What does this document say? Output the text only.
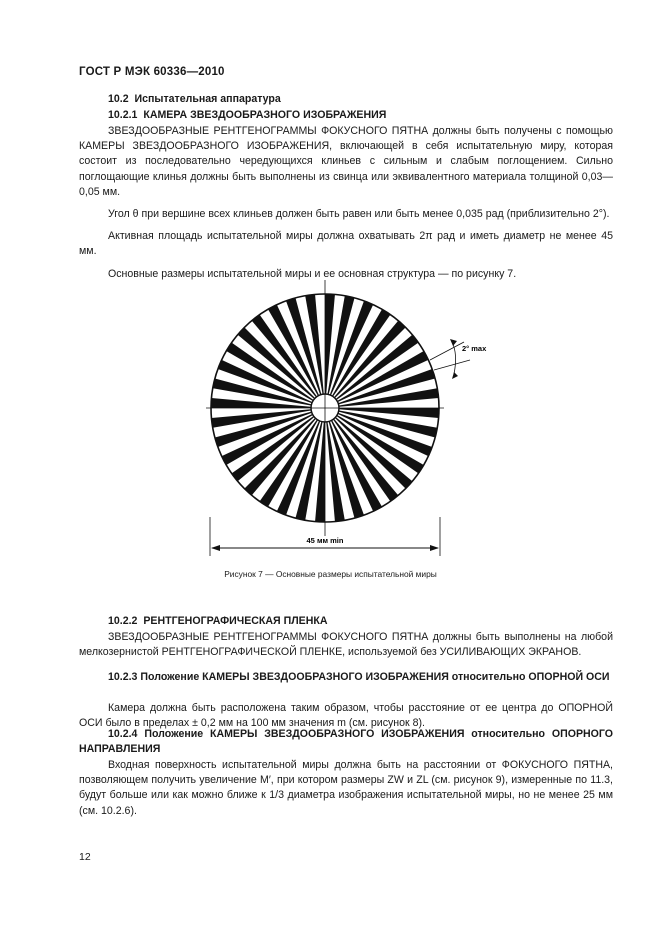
ГОСТ Р МЭК 60336—2010
10.2 Испытательная аппаратура
10.2.1 КАМЕРА ЗВЕЗДООБРАЗНОГО ИЗОБРАЖЕНИЯ
ЗВЕЗДООБРАЗНЫЕ РЕНТГЕНОГРАММЫ ФОКУСНОГО ПЯТНА должны быть получены с помощью КАМЕРЫ ЗВЕЗДООБРАЗНОГО ИЗОБРАЖЕНИЯ, включающей в себя испытательную миру, которая состоит из последовательно чередующихся клиньев с сильным и слабым поглощением. Сильно поглощающие клинья должны быть выполнены из свинца или эквивалентного материала толщиной 0,03—0,05 мм.
Угол θ при вершине всех клиньев должен быть равен или быть менее 0,035 рад (приблизительно 2°).
Активная площадь испытательной миры должна охватывать 2π рад и иметь диаметр не менее 45 мм.
Основные размеры испытательной миры и ее основная структура — по рисунку 7.
45 мм min
2° max
Рисунок 7 — Основные размеры испытательной миры
10.2.2 РЕНТГЕНОГРАФИЧЕСКАЯ ПЛЕНКА
ЗВЕЗДООБРАЗНЫЕ РЕНТГЕНОГРАММЫ ФОКУСНОГО ПЯТНА должны быть выполнены на любой мелкозернистой РЕНТГЕНОГРАФИЧЕСКОЙ ПЛЕНКЕ, используемой без УСИЛИВАЮЩИХ ЭКРАНОВ.
10.2.3 Положение КАМЕРЫ ЗВЕЗДООБРАЗНОГО ИЗОБРАЖЕНИЯ относительно ОПОРНОЙ ОСИ
Камера должна быть расположена таким образом, чтобы расстояние от ее центра до ОПОРНОЙ ОСИ было в пределах ± 0,2 мм на 100 мм значения m (см. рисунок 8).
10.2.4 Положение КАМЕРЫ ЗВЕЗДООБРАЗНОГО ИЗОБРАЖЕНИЯ относительно ОПОРНОГО НАПРАВЛЕНИЯ
Входная поверхность испытательной миры должна быть на расстоянии от ФОКУСНОГО ПЯТНА, позволяющем получить увеличение M′, при котором размеры ZW и ZL (см. рисунок 9), измеренные по 11.3, будут больше или как можно ближе к 1/3 диаметра изображения испытательной миры, но не менее 25 мм (см. 10.2.6).
12
